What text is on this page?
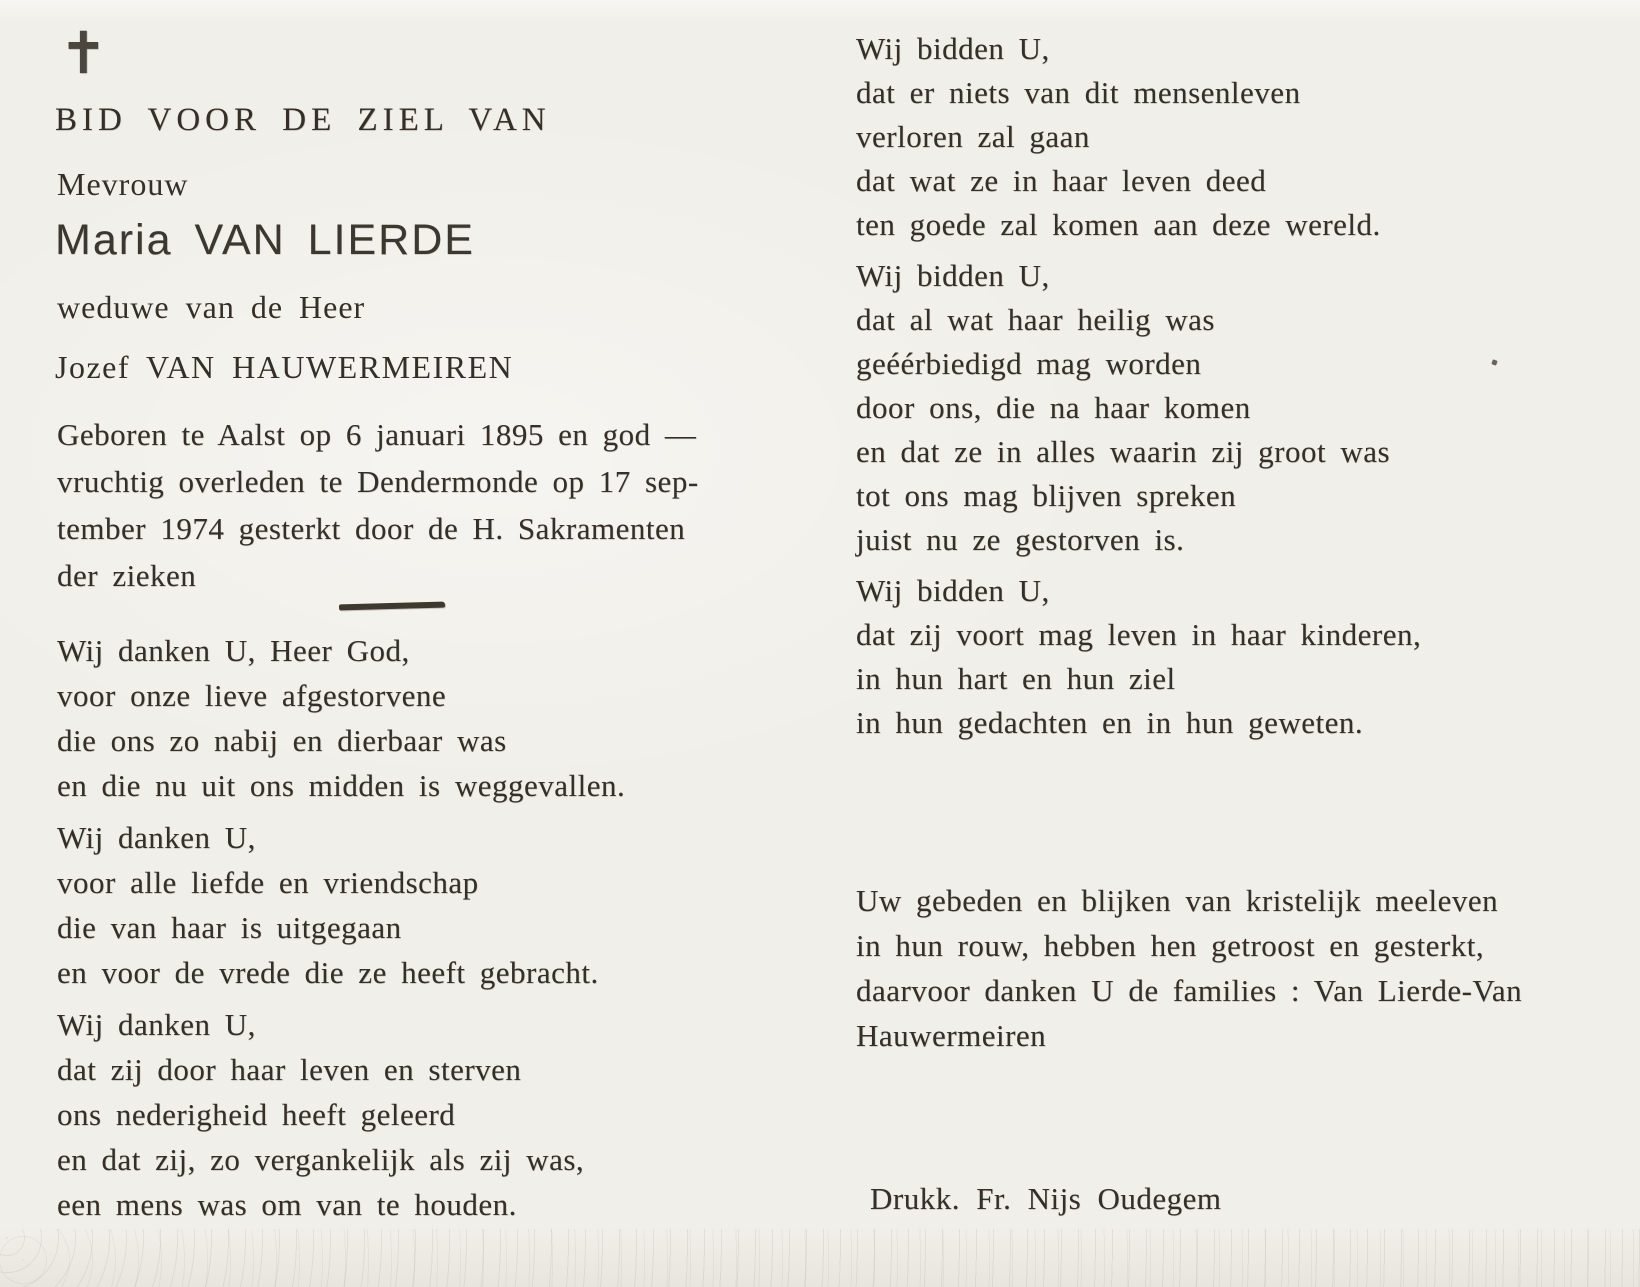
✝
BID VOOR DE ZIEL VAN
Mevrouw
Maria VAN LIERDE
weduwe van de Heer
Jozef VAN HAUWERMEIREN
Geboren te Aalst op 6 januari 1895 en god —
vruchtig overleden te Dendermonde op 17 sep-
tember 1974 gesterkt door de H. Sakramenten
der zieken
Wij danken U, Heer God,
voor onze lieve afgestorvene
die ons zo nabij en dierbaar was
en die nu uit ons midden is weggevallen.
Wij danken U,
voor alle liefde en vriendschap
die van haar is uitgegaan
en voor de vrede die ze heeft gebracht.
Wij danken U,
dat zij door haar leven en sterven
ons nederigheid heeft geleerd
en dat zij, zo vergankelijk als zij was,
een mens was om van te houden.
Wij bidden U,
dat er niets van dit mensenleven
verloren zal gaan
dat wat ze in haar leven deed
ten goede zal komen aan deze wereld.
Wij bidden U,
dat al wat haar heilig was
geéérbiedigd mag worden
door ons, die na haar komen
en dat ze in alles waarin zij groot was
tot ons mag blijven spreken
juist nu ze gestorven is.
Wij bidden U,
dat zij voort mag leven in haar kinderen,
in hun hart en hun ziel
in hun gedachten en in hun geweten.
Uw gebeden en blijken van kristelijk meeleven
in hun rouw, hebben hen getroost en gesterkt,
daarvoor danken U de families : Van Lierde-Van
Hauwermeiren
Drukk. Fr. Nijs Oudegem
